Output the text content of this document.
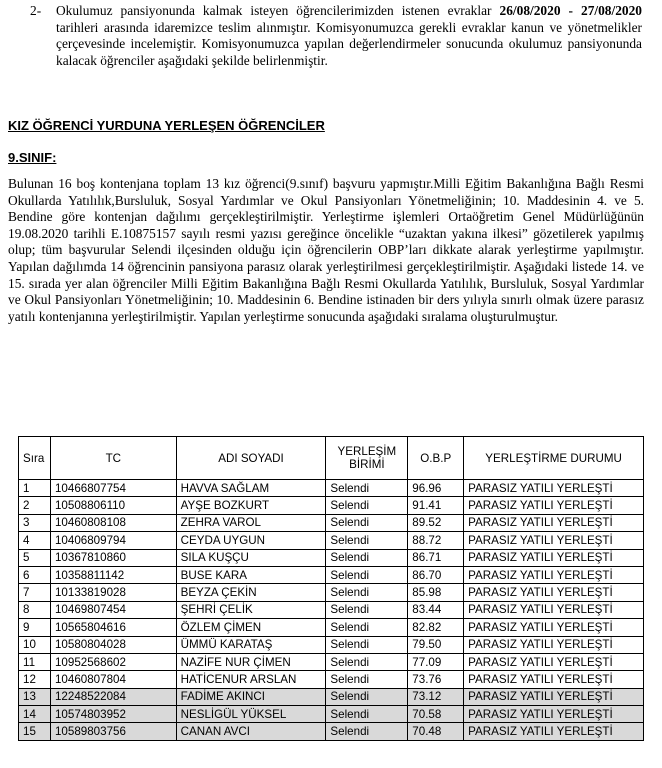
2- Okulumuz pansiyonunda kalmak isteyen öğrencilerimizden istenen evraklar 26/08/2020 - 27/08/2020 tarihleri arasında idaremizce teslim alınmıştır. Komisyonumuzca gerekli evraklar kanun ve yönetmelikler çerçevesinde incelemiştir. Komisyonumuzca yapılan değerlendirmeler sonucunda okulumuz pansiyonunda kalacak öğrenciler aşağıdaki şekilde belirlenmiştir.
KIZ ÖĞRENCİ YURDUNA YERLEŞEN ÖĞRENCİLER
9.SINIF:
Bulunan 16 boş kontenjana toplam 13 kız öğrenci(9.sınıf) başvuru yapmıştır.Milli Eğitim Bakanlığına Bağlı Resmi Okullarda Yatılılık,Bursluluk, Sosyal Yardımlar ve Okul Pansiyonları Yönetmeliğinin; 10. Maddesinin 4. ve 5. Bendine göre kontenjan dağılımı gerçekleştirilmiştir. Yerleştirme işlemleri Ortaöğretim Genel Müdürlüğünün 19.08.2020 tarihli E.10875157 sayılı resmi yazısı gereğince öncelikle “uzaktan yakına ilkesi” gözetilerek yapılmış olup; tüm başvurular Selendi ilçesinden olduğu için öğrencilerin OBP’ları dikkate alarak yerleştirme yapılmıştır. Yapılan dağılımda 14 öğrencinin pansiyona parasız olarak yerleştirilmesi gerçekleştirilmiştir. Aşağıdaki listede 14. ve 15. sırada yer alan öğrenciler Milli Eğitim Bakanlığına Bağlı Resmi Okullarda Yatılılık, Bursluluk, Sosyal Yardımlar ve Okul Pansiyonları Yönetmeliğinin; 10. Maddesinin 6. Bendine istinaden bir ders yılıyla sınırlı olmak üzere parasız yatılı kontenjanına yerleştirilmiştir. Yapılan yerleştirme sonucunda aşağıdaki sıralama oluşturulmuştur.
Sıra	TC	ADI SOYADI	YERLEŞİM BİRİMİ	O.B.P	YERLEŞTİRME DURUMU
1	10466807754	HAVVA SAĞLAM	Selendi	96.96	PARASIZ YATILI YERLEŞTİ
2	10508806110	AYŞE BOZKURT	Selendi	91.41	PARASIZ YATILI YERLEŞTİ
3	10460808108	ZEHRA VAROL	Selendi	89.52	PARASIZ YATILI YERLEŞTİ
4	10406809794	CEYDA UYGUN	Selendi	88.72	PARASIZ YATILI YERLEŞTİ
5	10367810860	SILA KUŞÇU	Selendi	86.71	PARASIZ YATILI YERLEŞTİ
6	10358811142	BUSE KARA	Selendi	86.70	PARASIZ YATILI YERLEŞTİ
7	10133819028	BEYZA ÇEKİN	Selendi	85.98	PARASIZ YATILI YERLEŞTİ
8	10469807454	ŞEHRİ ÇELİK	Selendi	83.44	PARASIZ YATILI YERLEŞTİ
9	10565804616	ÖZLEM ÇİMEN	Selendi	82.82	PARASIZ YATILI YERLEŞTİ
10	10580804028	ÜMMÜ KARATAŞ	Selendi	79.50	PARASIZ YATILI YERLEŞTİ
11	10952568602	NAZİFE NUR ÇİMEN	Selendi	77.09	PARASIZ YATILI YERLEŞTİ
12	10460807804	HATİCENUR ARSLAN	Selendi	73.76	PARASIZ YATILI YERLEŞTİ
13	12248522084	FADİME AKINCI	Selendi	73.12	PARASIZ YATILI YERLEŞTİ
14	10574803952	NESLİGÜL YÜKSEL	Selendi	70.58	PARASIZ YATILI YERLEŞTİ
15	10589803756	CANAN AVCI	Selendi	70.48	PARASIZ YATILI YERLEŞTİ
